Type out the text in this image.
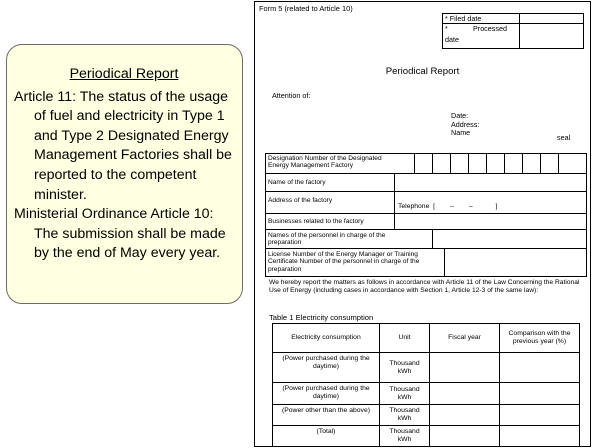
Periodical Report
Article 11: The status of the usage of fuel and electricity in Type 1 and Type 2 Designated Energy Management Factories shall be reported to the competent minister.
Ministerial Ordinance Article 10: The submission shall be made by the end of May every year.
Form 5 (related to Article 10)
* Filed date
*	Processed
date
Periodical Report
Attention of:
Date:
Address:
Name
seal
Designation Number of the Designated Energy Management Factory
Name of the factory
Address of the factory
Telephone  [        –        –            ]
Businesses related to the factory
Names of the personnel in charge of the preparation
License Number of the Energy Manager or Training Certificate Number of the personnel in charge of the preparation
We hereby report the matters as follows in accordance with Article 11 of the Law Concerning the Rational Use of Energy (including cases in accordance with Section 1, Article 12-3 of the same law):
Table 1 Electricity consumption
Electricity consumption	Unit	Fiscal year	Comparison with the previous year (%)
(Power purchased during the daytime)	Thousand kWh		
(Power purchased during the daytime)	Thousand kWh		
(Power other than the above)	Thousand kWh		
(Total)	Thousand kWh		
